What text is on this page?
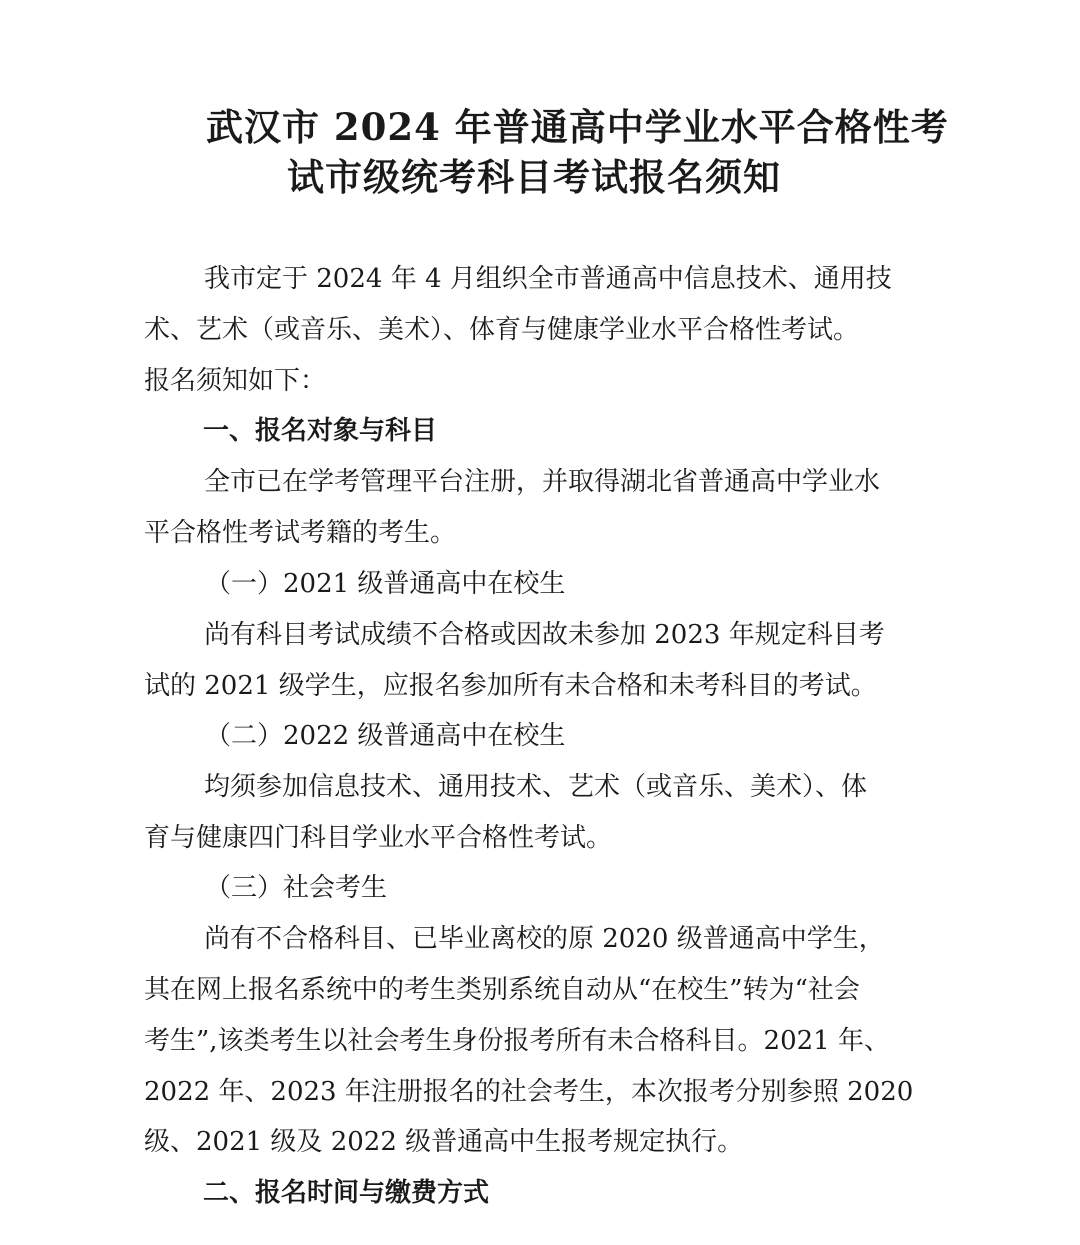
武汉市 2024 年普通高中学业水平合格性考
试市级统考科目考试报名须知

我市定于 2024 年 4 月组织全市普通高中信息技术、通用技

术、艺术（或音乐、美术）、体育与健康学业水平合格性考试。

报名须知如下：

一、报名对象与科目

全市已在学考管理平台注册，并取得湖北省普通高中学业水

平合格性考试考籍的考生。

（一）2021 级普通高中在校生

尚有科目考试成绩不合格或因故未参加 2023 年规定科目考

试的 2021 级学生，应报名参加所有未合格和未考科目的考试。

（二）2022 级普通高中在校生

均须参加信息技术、通用技术、艺术（或音乐、美术）、体

育与健康四门科目学业水平合格性考试。

（三）社会考生

尚有不合格科目、已毕业离校的原 2020 级普通高中学生，

其在网上报名系统中的考生类别系统自动从“在校生”转为“社会

考生”,该类考生以社会考生身份报考所有未合格科目。2021 年、

2022 年、2023 年注册报名的社会考生，本次报考分别参照 2020

级、2021 级及 2022 级普通高中生报考规定执行。

二、报名时间与缴费方式
